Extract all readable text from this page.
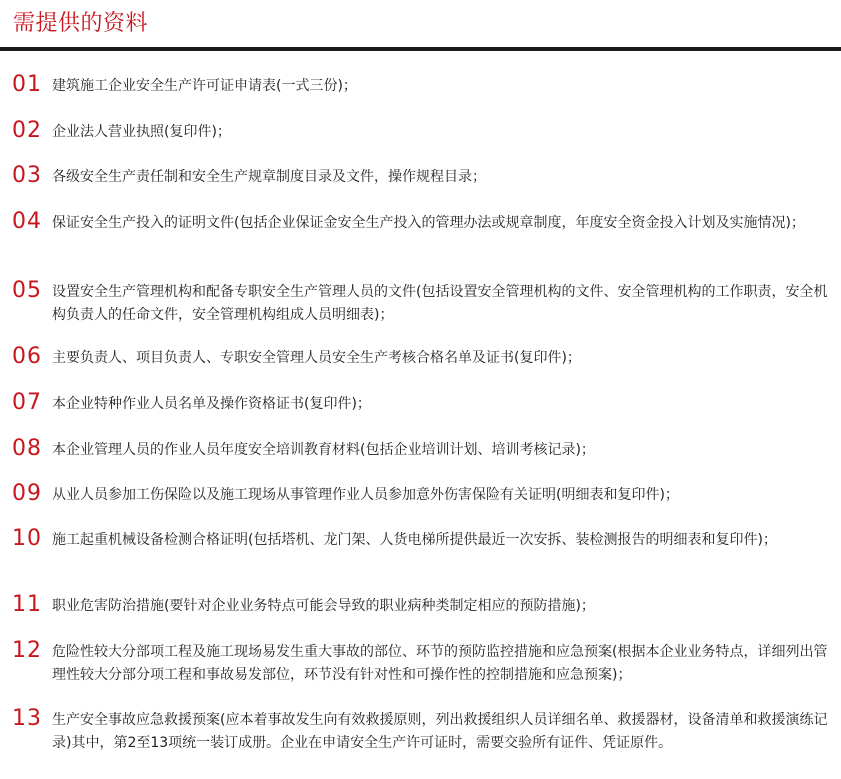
需提供的资料
01 建筑施工企业安全生产许可证申请表(一式三份)；
02 企业法人营业执照(复印件)；
03 各级安全生产责任制和安全生产规章制度目录及文件，操作规程目录；
04 保证安全生产投入的证明文件(包括企业保证金安全生产投入的管理办法或规章制度，年度安全资金投入计划及实施情况)；
05 设置安全生产管理机构和配备专职安全生产管理人员的文件(包括设置安全管理机构的文件、安全管理机构的工作职责，安全机构负责人的任命文件，安全管理机构组成人员明细表)；
06 主要负责人、项目负责人、专职安全管理人员安全生产考核合格名单及证书(复印件)；
07 本企业特种作业人员名单及操作资格证书(复印件)；
08 本企业管理人员的作业人员年度安全培训教育材料(包括企业培训计划、培训考核记录)；
09 从业人员参加工伤保险以及施工现场从事管理作业人员参加意外伤害保险有关证明(明细表和复印件)；
10 施工起重机械设备检测合格证明(包括塔机、龙门架、人货电梯所提供最近一次安拆、装检测报告的明细表和复印件)；
11 职业危害防治措施(要针对企业业务特点可能会导致的职业病种类制定相应的预防措施)；
12 危险性较大分部项工程及施工现场易发生重大事故的部位、环节的预防监控措施和应急预案(根据本企业业务特点，详细列出管理性较大分部分项工程和事故易发部位，环节没有针对性和可操作性的控制措施和应急预案)；
13 生产安全事故应急救援预案(应本着事故发生向有效救援原则，列出救援组织人员详细名单、救援器材，设备清单和救援演练记录)其中，第2至13项统一装订成册。企业在申请安全生产许可证时，需要交验所有证件、凭证原件。
